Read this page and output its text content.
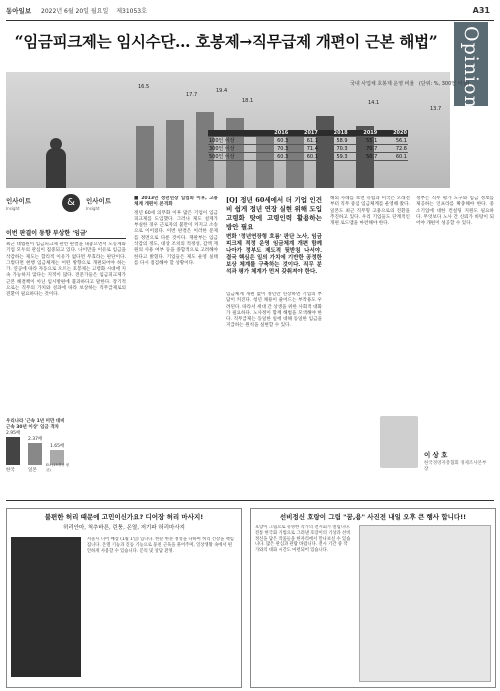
동아일보 2022년 6월 20일 월요일 제31053호	A31
“임금피크제는 임시수단… 호봉제→직무급제 개편이 근본 해법”	Opinion
16.5
17.7
19.4
18.1	14.1
13.7
국내 사업체 호봉제 운영 비율 (단위: %, 300인 이상)
	2016	2017	2018	2019	2020
100인 이상	60.3	61.1	58.9	55.1	56.1
300인 이상	70.3	71.4	70.3	70.7	72.6
500인 이상	60.3	60.1	59.3	50.7	60.1
인사이트
Insight
&	인사이트
Insight
이번 판결이 동향 부상한 '임금'
최근 대법원이 임금피크제 관련 판결을 내놓으면서 노동계와 기업 모두의 관심이 집중되고 있다. 나이만을 이유로 임금을 삭감하는 제도는 합리적 이유가 없다면 무효라는 판단이다. 그렇다면 현행 임금체계는 어떤 방향으로 개편되어야 하는가. 연공에 따라 자동으로 오르는 호봉제는 고령화 시대에 지속 가능하지 않다는 지적이 많다. 전문가들은 임금피크제가 근본 해결책이 아닌 임시방편에 불과하다고 말한다. 장기적으로는 직무의 가치와 성과에 따라 보상하는 직무급제로의 전환이 필요하다는 것이다.
■ 2013년 정년연장 입법화 이후, 고용체계 개편이 본격화
정년 60세 의무화 이후 많은 기업이 임금피크제를 도입했다. 그러나 제도 설계가 부실한 경우 근로자의 불만이 커지고 소송으로 이어졌다. 이번 판결은 이러한 문제를 정면으로 다룬 것이다. 재판부는 임금 삭감의 정도, 대상 조치의 적정성, 감액 재원의 사용 여부 등을 종합적으로 고려해야 한다고 밝혔다. 기업들은 제도 운영 실태를 다시 점검해야 할 상황이다.
[Q] 정년 60세에서 더 기업 인건비 쉽게 정년 연장 실현 위해 도입 고령화 탓에 고령인력 활용하는 방안 필요
변화 '정년연장형 흐름' 판단 노사, 임금피크제 적정 운영 임금체계 개편 함께 나아가 정부도 제도적 뒷받침 나서야. 결국 핵심은 일의 가치에 기반한 공정한 보상 체계를 구축하는 것이다. 직무 분석과 평가 체계가 먼저 갖춰져야 한다.
임금체계 개편 없이 정년만 연장하면 기업의 부담이 커진다. 청년 채용이 줄어드는 부작용도 우려된다. 따라서 세대 간 상생을 위한 사회적 대화가 필요하다. 노사정이 함께 해법을 모색해야 한다. 직무급제는 동일한 일에 대해 동일한 임금을 지급하는 원칙을 실현할 수 있다.
해외 사례를 보면 유럽과 미국은 오래전부터 직무 중심 임금체계를 운영해 왔다. 일본도 최근 직무형 고용으로의 전환을 추진하고 있다. 우리 기업들도 단계적인 개편 로드맵을 마련해야 한다.
정부는 직무 평가 도구와 임금 정보를 제공하는 인프라를 확충해야 한다. 중소기업에 대한 컨설팅 지원도 필요하다. 무엇보다 노사 간 신뢰가 바탕이 되어야 개편이 성공할 수 있다.
우리나라 '근속 1년 미만 대비 근속 30년 이상' 임금 격차
2.95배
2.37배
1.65배
한국	일본
EU (15개국 평균)
이 상 호
한국경영자총협회 경제조사본부장
불편한 허리 때문에 고민이신가요? 디어장 허리 마사지!
허리안마, 척추바른, 린퉁, 온열, 저기파 허리마사지
서울시 디어 매장 (1월 1일) 입니다. 한분 한분 정성을 다하여 허리 건강을 책임집니다. 온열 기능과 진동 기능으로 뭉친 근육을 풀어주며, 일상생활 속에서 편안하게 사용할 수 있습니다. 문의 및 상담 환영.
선비정신 호랑이 그림 "꿈,용" 사진전 내일 오후 큰 행사 합니다!!
호랑이 그림으로 유명한 작가의 전시회가 열립니다. 전통 한국화 기법으로 그려낸 호랑이의 기상과 선비정신을 담은 작품들을 한자리에서 만나보실 수 있습니다. 많은 관심과 관람 바랍니다. 전시 기간 중 작가와의 대화 시간도 마련되어 있습니다.
